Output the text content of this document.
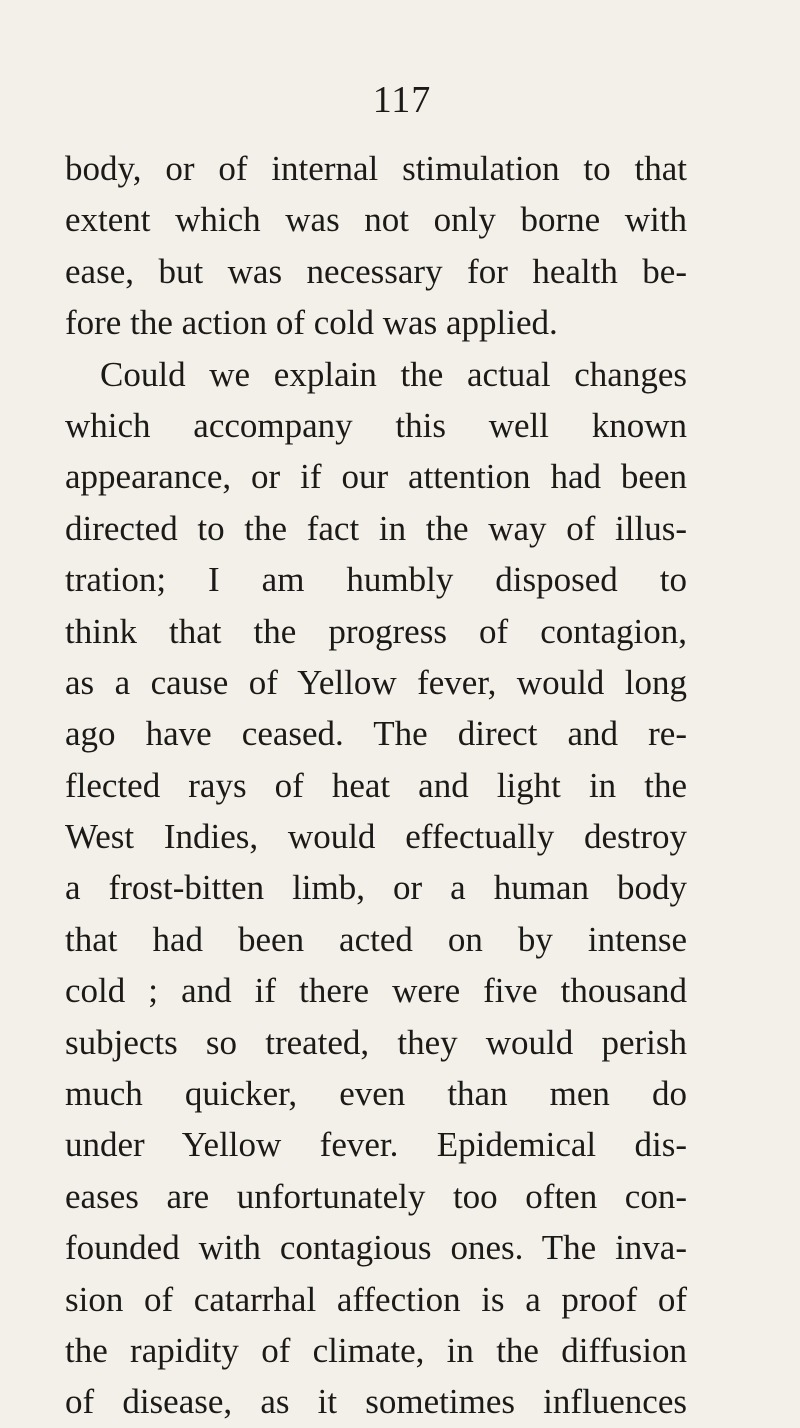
117
body, or of internal stimulation to that
extent which was not only borne with
ease, but was necessary for health be-
fore the action of cold was applied.
Could we explain the actual changes
which accompany this well known
appearance, or if our attention had been
directed to the fact in the way of illus-
tration; I am humbly disposed to
think that the progress of contagion,
as a cause of Yellow fever, would long
ago have ceased. The direct and re-
flected rays of heat and light in the
West Indies, would effectually destroy
a frost-bitten limb, or a human body
that had been acted on by intense
cold ; and if there were five thousand
subjects so treated, they would perish
much quicker, even than men do
under Yellow fever. Epidemical dis-
eases are unfortunately too often con-
founded with contagious ones. The inva-
sion of catarrhal affection is a proof of
the rapidity of climate, in the diffusion
of disease, as it sometimes influences
